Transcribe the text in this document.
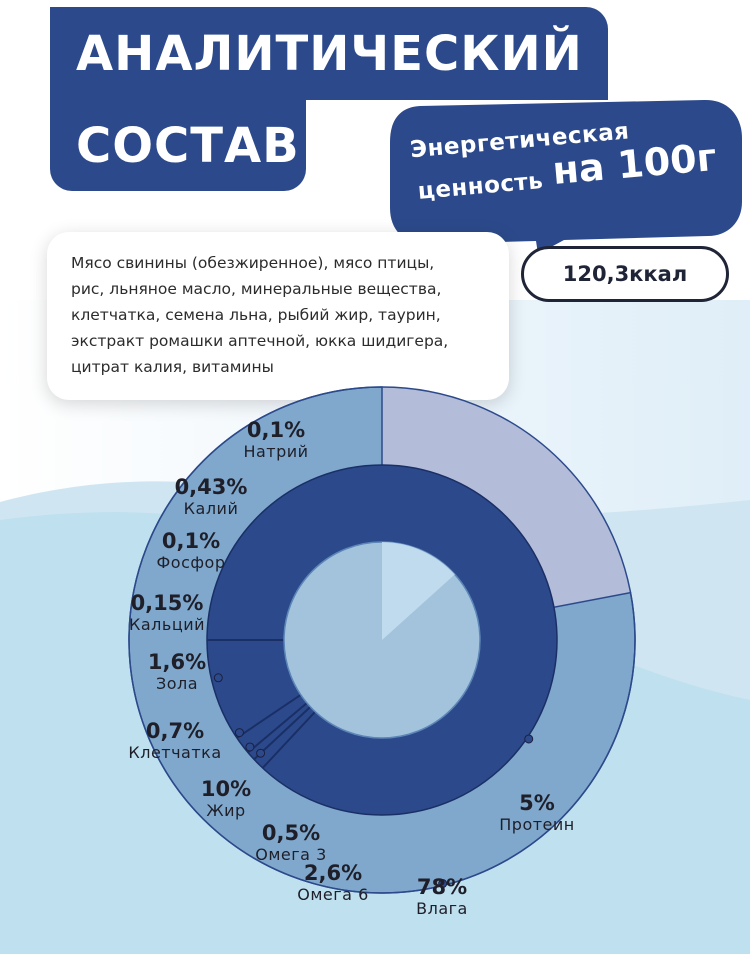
АНАЛИТИЧЕСКИЙ
СОСТАВ	Энергетическая
ценность на 100г
120,3ккал
Мясо свинины (обезжиренное), мясо птицы,
рис, льняное масло, минеральные вещества,
клетчатка, семена льна, рыбий жир, таурин,
экстракт ромашки аптечной, юкка шидигера,
цитрат калия, витамины
0,1%
Натрий
0,43%
Калий
0,1%
Фосфор
0,15%
Кальций
1,6%
Зола
0,7%
Клетчатка
10%
Жир
0,5%
Омега 3
2,6%
Омега 6
5%
Протеин
78%
Влага
